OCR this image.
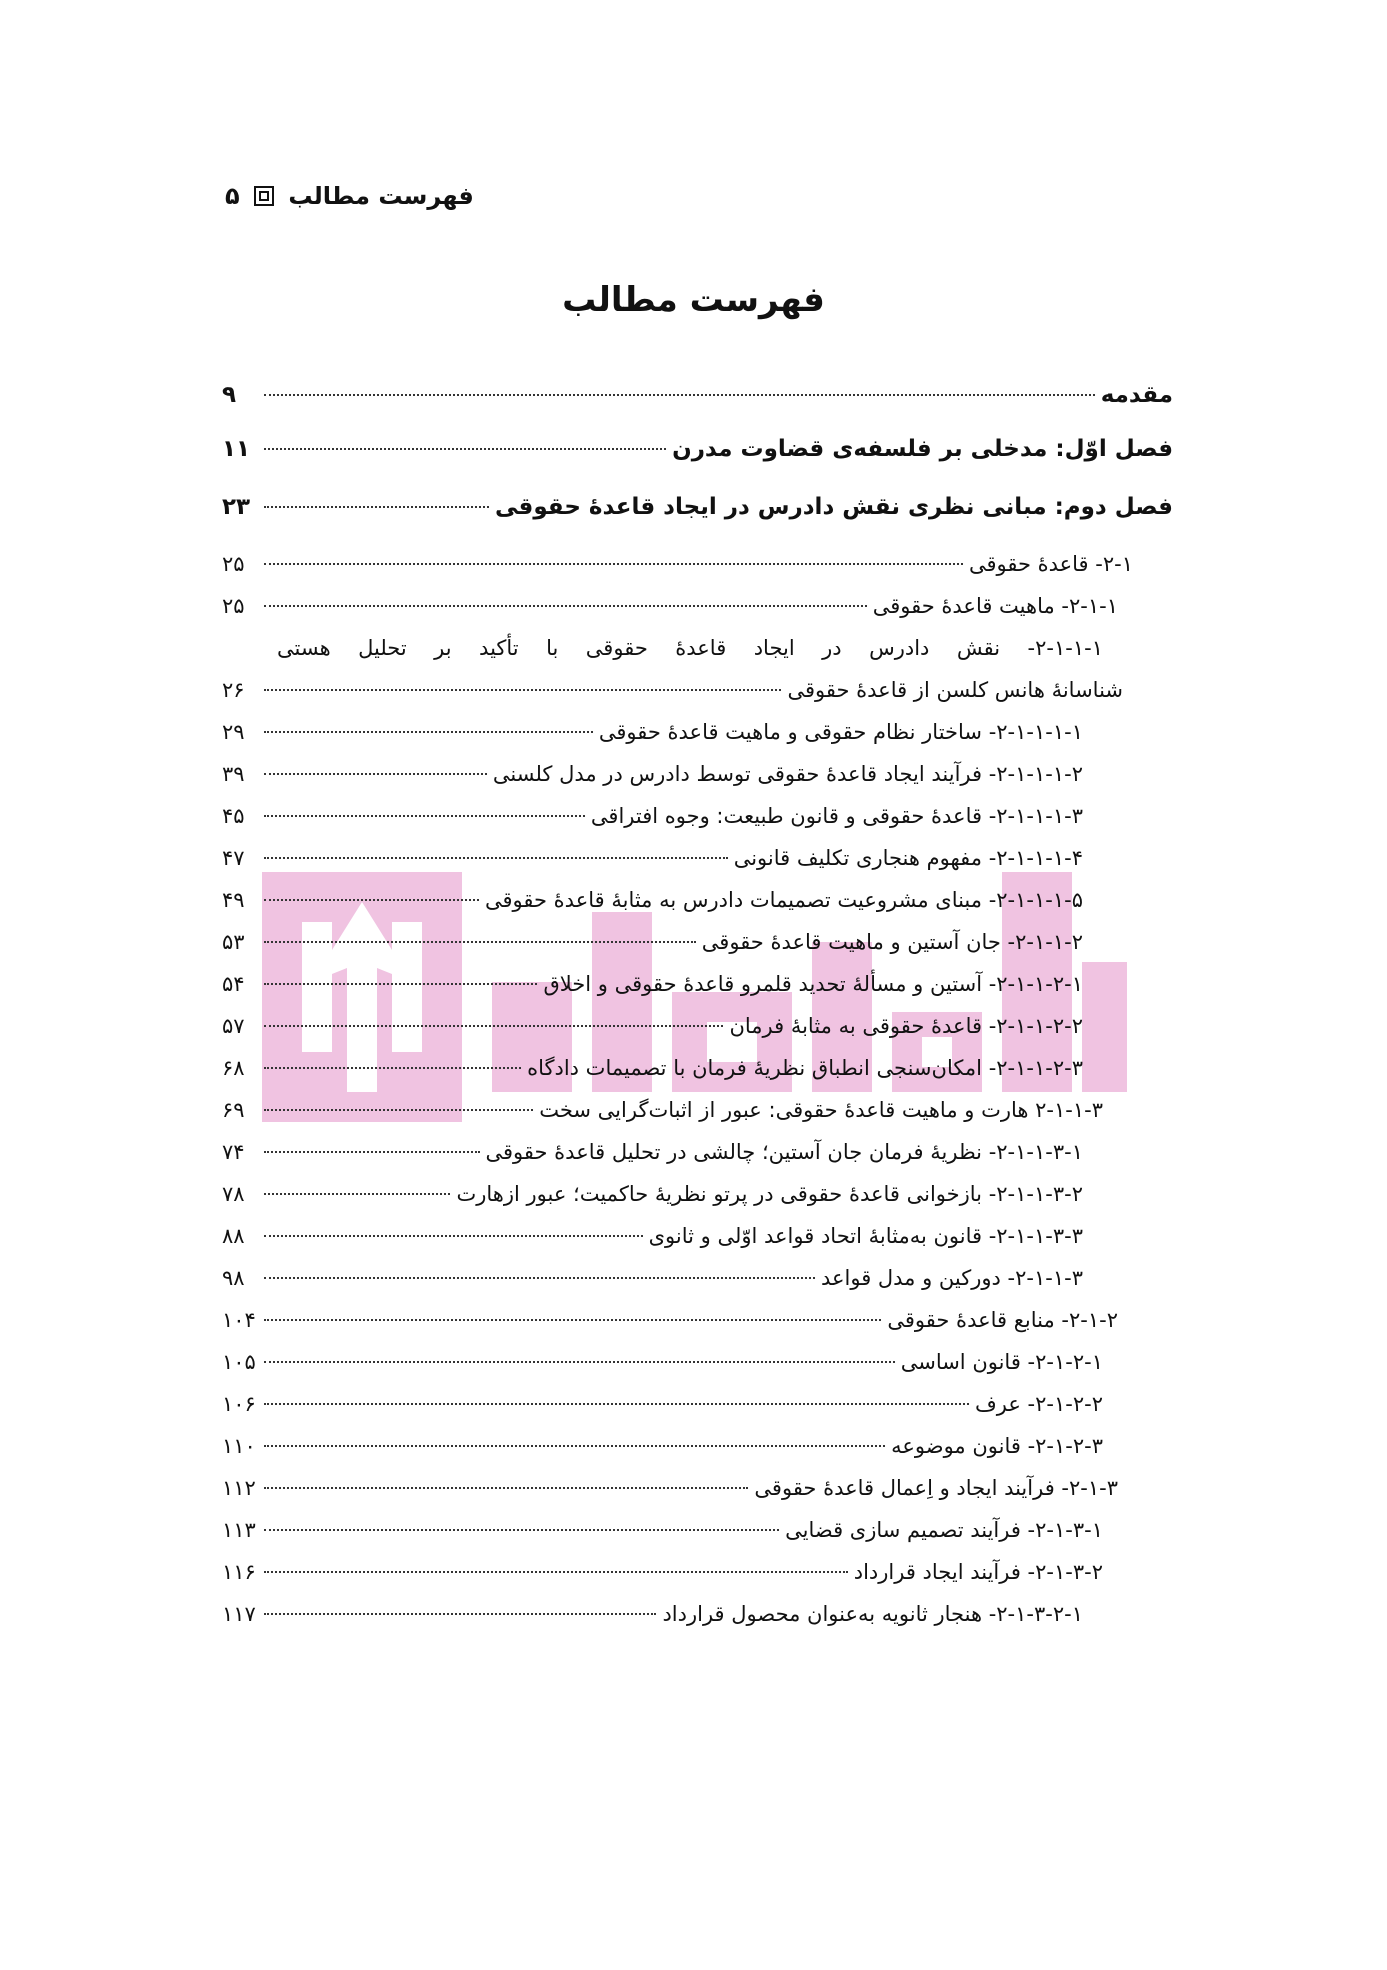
فهرست مطالب  ۵
فهرست مطالب
مقدمه
۹
فصل اوّل: مدخلی بر فلسفه‌ی قضاوت مدرن
۱۱
فصل دوم: مبانی نظری نقش دادرس در ایجاد قاعدۀ حقوقی
۲۳
۲-۱- قاعدۀ حقوقی
۲۵
۲-۱-۱- ماهیت قاعدۀ حقوقی
۲۵
۲-۱-۱-۱- نقش دادرس در ایجاد قاعدۀ حقوقی با تأکید بر تحلیل هستی
شناسانۀ هانس کلسن از قاعدۀ حقوقی
۲۶
۲-۱-۱-۱-۱- ساختار نظام حقوقی و ماهیت قاعدۀ حقوقی
۲۹
۲-۱-۱-۱-۲- فرآیند ایجاد قاعدۀ حقوقی توسط دادرس در مدل کلسنی
۳۹
۲-۱-۱-۱-۳- قاعدۀ حقوقی و قانون طبیعت: وجوه افتراقی
۴۵
۲-۱-۱-۱-۴- مفهوم هنجاری تکلیف قانونی
۴۷
۲-۱-۱-۱-۵- مبنای مشروعیت تصمیمات دادرس به مثابۀ قاعدۀ حقوقی
۴۹
۲-۱-۱-۲- جان آستین و ماهیت قاعدۀ حقوقی
۵۳
۲-۱-۱-۲-۱- آستین و مسألۀ تحدید قلمرو قاعدۀ حقوقی و اخلاق
۵۴
۲-۱-۱-۲-۲- قاعدۀ حقوقی به مثابۀ فرمان
۵۷
۲-۱-۱-۲-۳- امکان‌سنجی انطباق نظریۀ فرمان با تصمیمات دادگاه
۶۸
۲-۱-۱-۳ هارت و ماهیت قاعدۀ حقوقی: عبور از اثبات‌گرایی سخت
۶۹
۲-۱-۱-۳-۱- نظریۀ فرمان جان آستین؛ چالشی در تحلیل قاعدۀ حقوقی
۷۴
۲-۱-۱-۳-۲- بازخوانی قاعدۀ حقوقی در پرتو نظریۀ حاکمیت؛ عبور ازهارت
۷۸
۲-۱-۱-۳-۳- قانون به‌مثابۀ اتحاد قواعد اوّلی و ثانوی
۸۸
۲-۱-۱-۳- دورکین و مدل قواعد
۹۸
۲-۱-۲- منابع قاعدۀ حقوقی
۱۰۴
۲-۱-۲-۱- قانون اساسی
۱۰۵
۲-۱-۲-۲- عرف
۱۰۶
۲-۱-۲-۳- قانون موضوعه
۱۱۰
۲-۱-۳- فرآیند ایجاد و اِعمال قاعدۀ حقوقی
۱۱۲
۲-۱-۳-۱- فرآیند تصمیم سازی قضایی
۱۱۳
۲-۱-۳-۲- فرآیند ایجاد قرارداد
۱۱۶
۲-۱-۳-۲-۱- هنجار ثانویه به‌عنوان محصول قرارداد
۱۱۷
